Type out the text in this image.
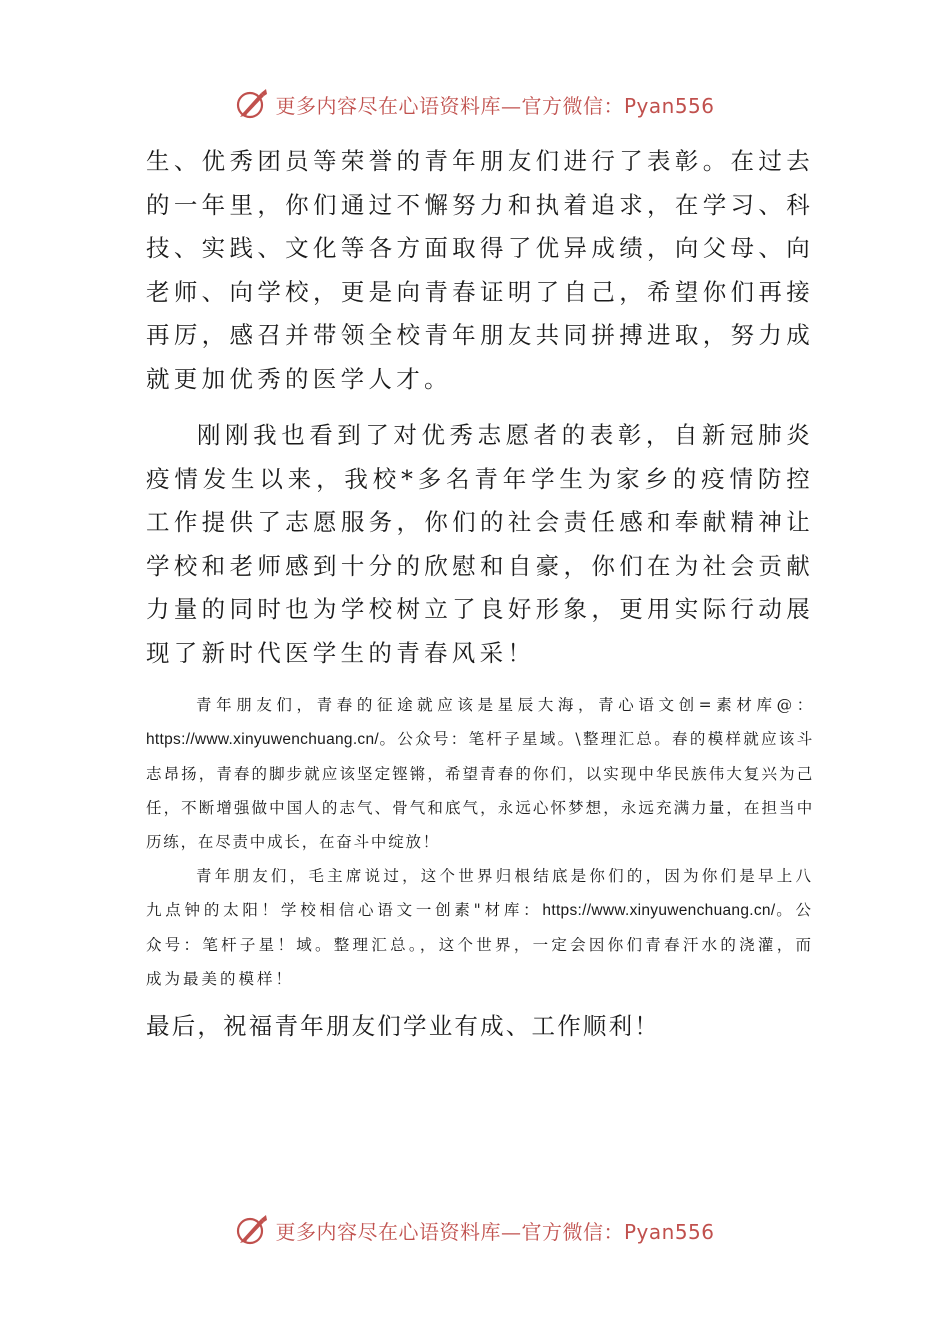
更多内容尽在心语资料库—官方微信：Pyan556

生、优秀团员等荣誉的青年朋友们进行了表彰。在过去的一年里，你们通过不懈努力和执着追求，在学习、科技、实践、文化等各方面取得了优异成绩，向父母、向老师、向学校，更是向青春证明了自己，希望你们再接再厉，感召并带领全校青年朋友共同拼搏进取，努力成就更加优秀的医学人才。

刚刚我也看到了对优秀志愿者的表彰，自新冠肺炎疫情发生以来，我校*多名青年学生为家乡的疫情防控工作提供了志愿服务，你们的社会责任感和奉献精神让学校和老师感到十分的欣慰和自豪，你们在为社会贡献力量的同时也为学校树立了良好形象，更用实际行动展现了新时代医学生的青春风采！

青年朋友们，青春的征途就应该是星辰大海，青心语文创=素材库@：https://www.xinyuwenchuang.cn/。公众号：笔杆子星域。\整理汇总。春的模样就应该斗志昂扬，青春的脚步就应该坚定铿锵，希望青春的你们，以实现中华民族伟大复兴为己任，不断增强做中国人的志气、骨气和底气，永远心怀梦想，永远充满力量，在担当中历练，在尽责中成长，在奋斗中绽放！

青年朋友们，毛主席说过，这个世界归根结底是你们的，因为你们是早上八九点钟的太阳！学校相信心语文一创素"材库：https://www.xinyuwenchuang.cn/。公众号：笔杆子星！域。整理汇总。，这个世界，一定会因你们青春汗水的浇灌，而成为最美的模样！

最后，祝福青年朋友们学业有成、工作顺利！
更多内容尽在心语资料库—官方微信：Pyan556
